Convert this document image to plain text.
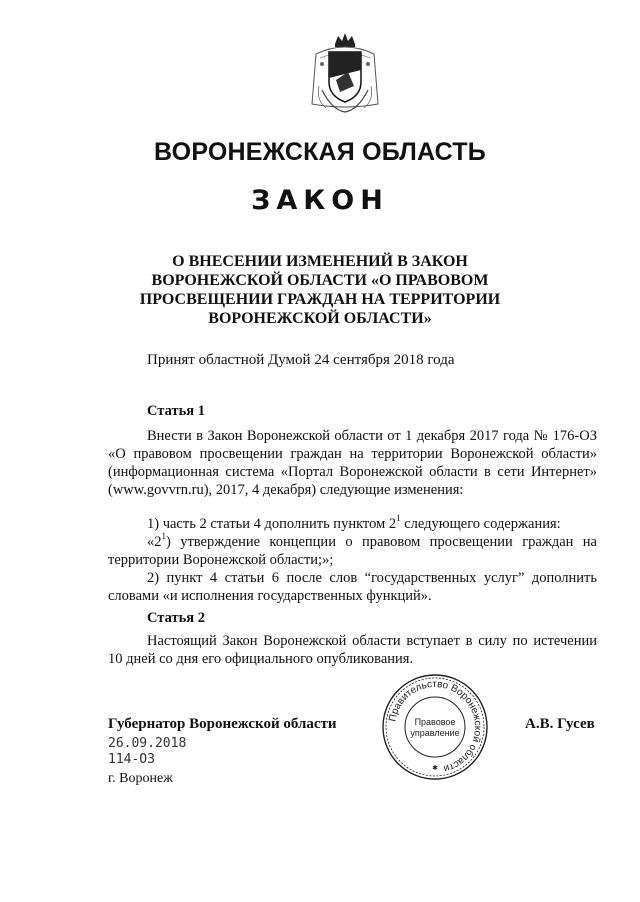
ВОРОНЕЖСКАЯ ОБЛАСТЬ
ЗАКОН
О ВНЕСЕНИИ ИЗМЕНЕНИЙ В ЗАКОН
ВОРОНЕЖСКОЙ ОБЛАСТИ «О ПРАВОВОМ
ПРОСВЕЩЕНИИ ГРАЖДАН НА ТЕРРИТОРИИ
ВОРОНЕЖСКОЙ ОБЛАСТИ»
Принят областной Думой 24 сентября 2018 года
Статья 1

Внести в Закон Воронежской области от 1 декабря 2017 года № 176-ОЗ «О правовом просвещении граждан на территории Воронежской области» (информационная система «Портал Воронежской области в сети Интернет» (www.govvrn.ru), 2017, 4 декабря) следующие изменения:

1) часть 2 статьи 4 дополнить пунктом $2^1$ следующего содержания:

«$2^1$) утверждение концепции о правовом просвещении граждан на территории Воронежской области;»;

2) пункт 4 статьи 6 после слов “государственных услуг” дополнить словами «и исполнения государственных функций».

Статья 2

Настоящий Закон Воронежской области вступает в силу по истечении 10 дней со дня его официального опубликования.

Губернатор Воронежской области	А.В. Гусев
26.09.2018
114-ОЗ
г. Воронеж
Правительство Воронежской области
Правовое
управление
✱
